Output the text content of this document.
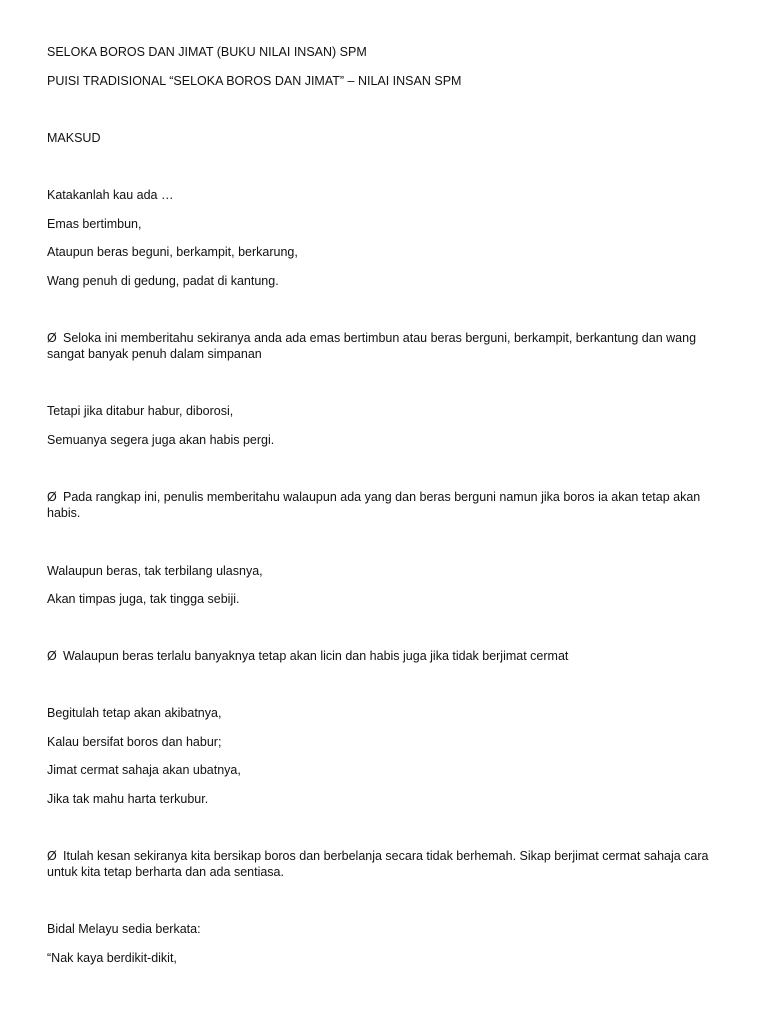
SELOKA BOROS DAN JIMAT (BUKU NILAI INSAN) SPM
PUISI TRADISIONAL “SELOKA BOROS DAN JIMAT” – NILAI INSAN SPM
MAKSUD
Katakanlah kau ada …
Emas bertimbun,
Ataupun beras beguni, berkampit, berkarung,
Wang penuh di gedung, padat di kantung.
Ø Seloka ini memberitahu sekiranya anda ada emas bertimbun atau beras berguni, berkampit, berkantung dan wang sangat banyak penuh dalam simpanan
Tetapi jika ditabur habur, diborosi,
Semuanya segera juga akan habis pergi.
Ø Pada rangkap ini, penulis memberitahu walaupun ada yang dan beras berguni namun jika boros ia akan tetap akan habis.
Walaupun beras, tak terbilang ulasnya,
Akan timpas juga, tak tingga sebiji.
Ø Walaupun beras terlalu banyaknya tetap akan licin dan habis juga jika tidak berjimat cermat
Begitulah tetap akan akibatnya,
Kalau bersifat boros dan habur;
Jimat cermat sahaja akan ubatnya,
Jika tak mahu harta terkubur.
Ø Itulah kesan sekiranya kita bersikap boros dan berbelanja secara tidak berhemah. Sikap berjimat cermat sahaja cara untuk kita tetap berharta dan ada sentiasa.
Bidal Melayu sedia berkata:
“Nak kaya berdikit-dikit,
